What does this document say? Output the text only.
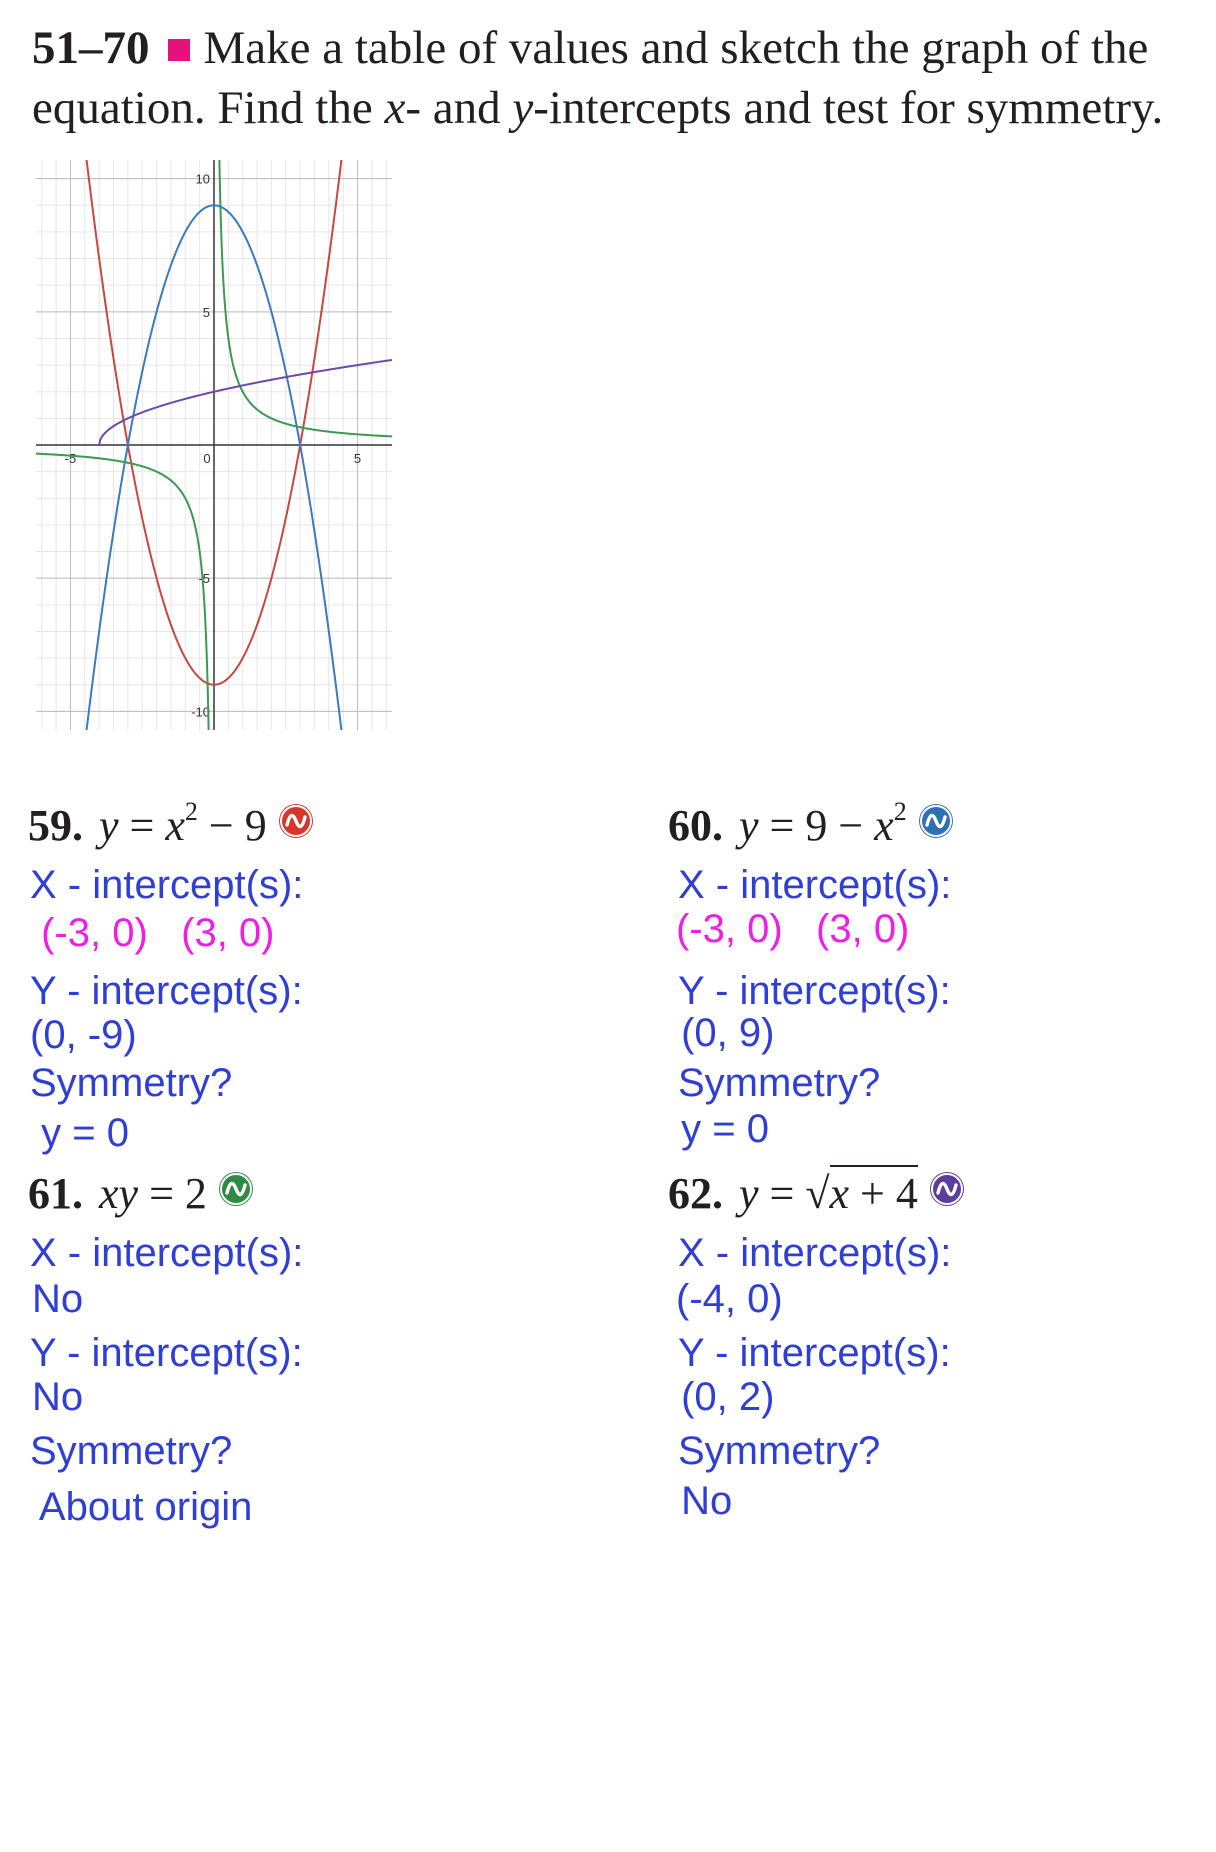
51–70 Make a table of values and sketch the graph of the
equation. Find the x- and y-intercepts and test for symmetry.
-5	0	5
10
5
-5
-10
59. $y = x^2 - 9$
X - intercept(s):
(-3, 0)   (3, 0)
Y - intercept(s):
(0, -9)
Symmetry?
y = 0
60. $y = 9 - x^2$
X - intercept(s):
(-3, 0)   (3, 0)
Y - intercept(s):
(0, 9)
Symmetry?
y = 0
61. xy = 2
X - intercept(s):
No
Y - intercept(s):
No
Symmetry?
About origin
62. y = √x + 4
X - intercept(s):
(-4, 0)
Y - intercept(s):
(0, 2)
Symmetry?
No
